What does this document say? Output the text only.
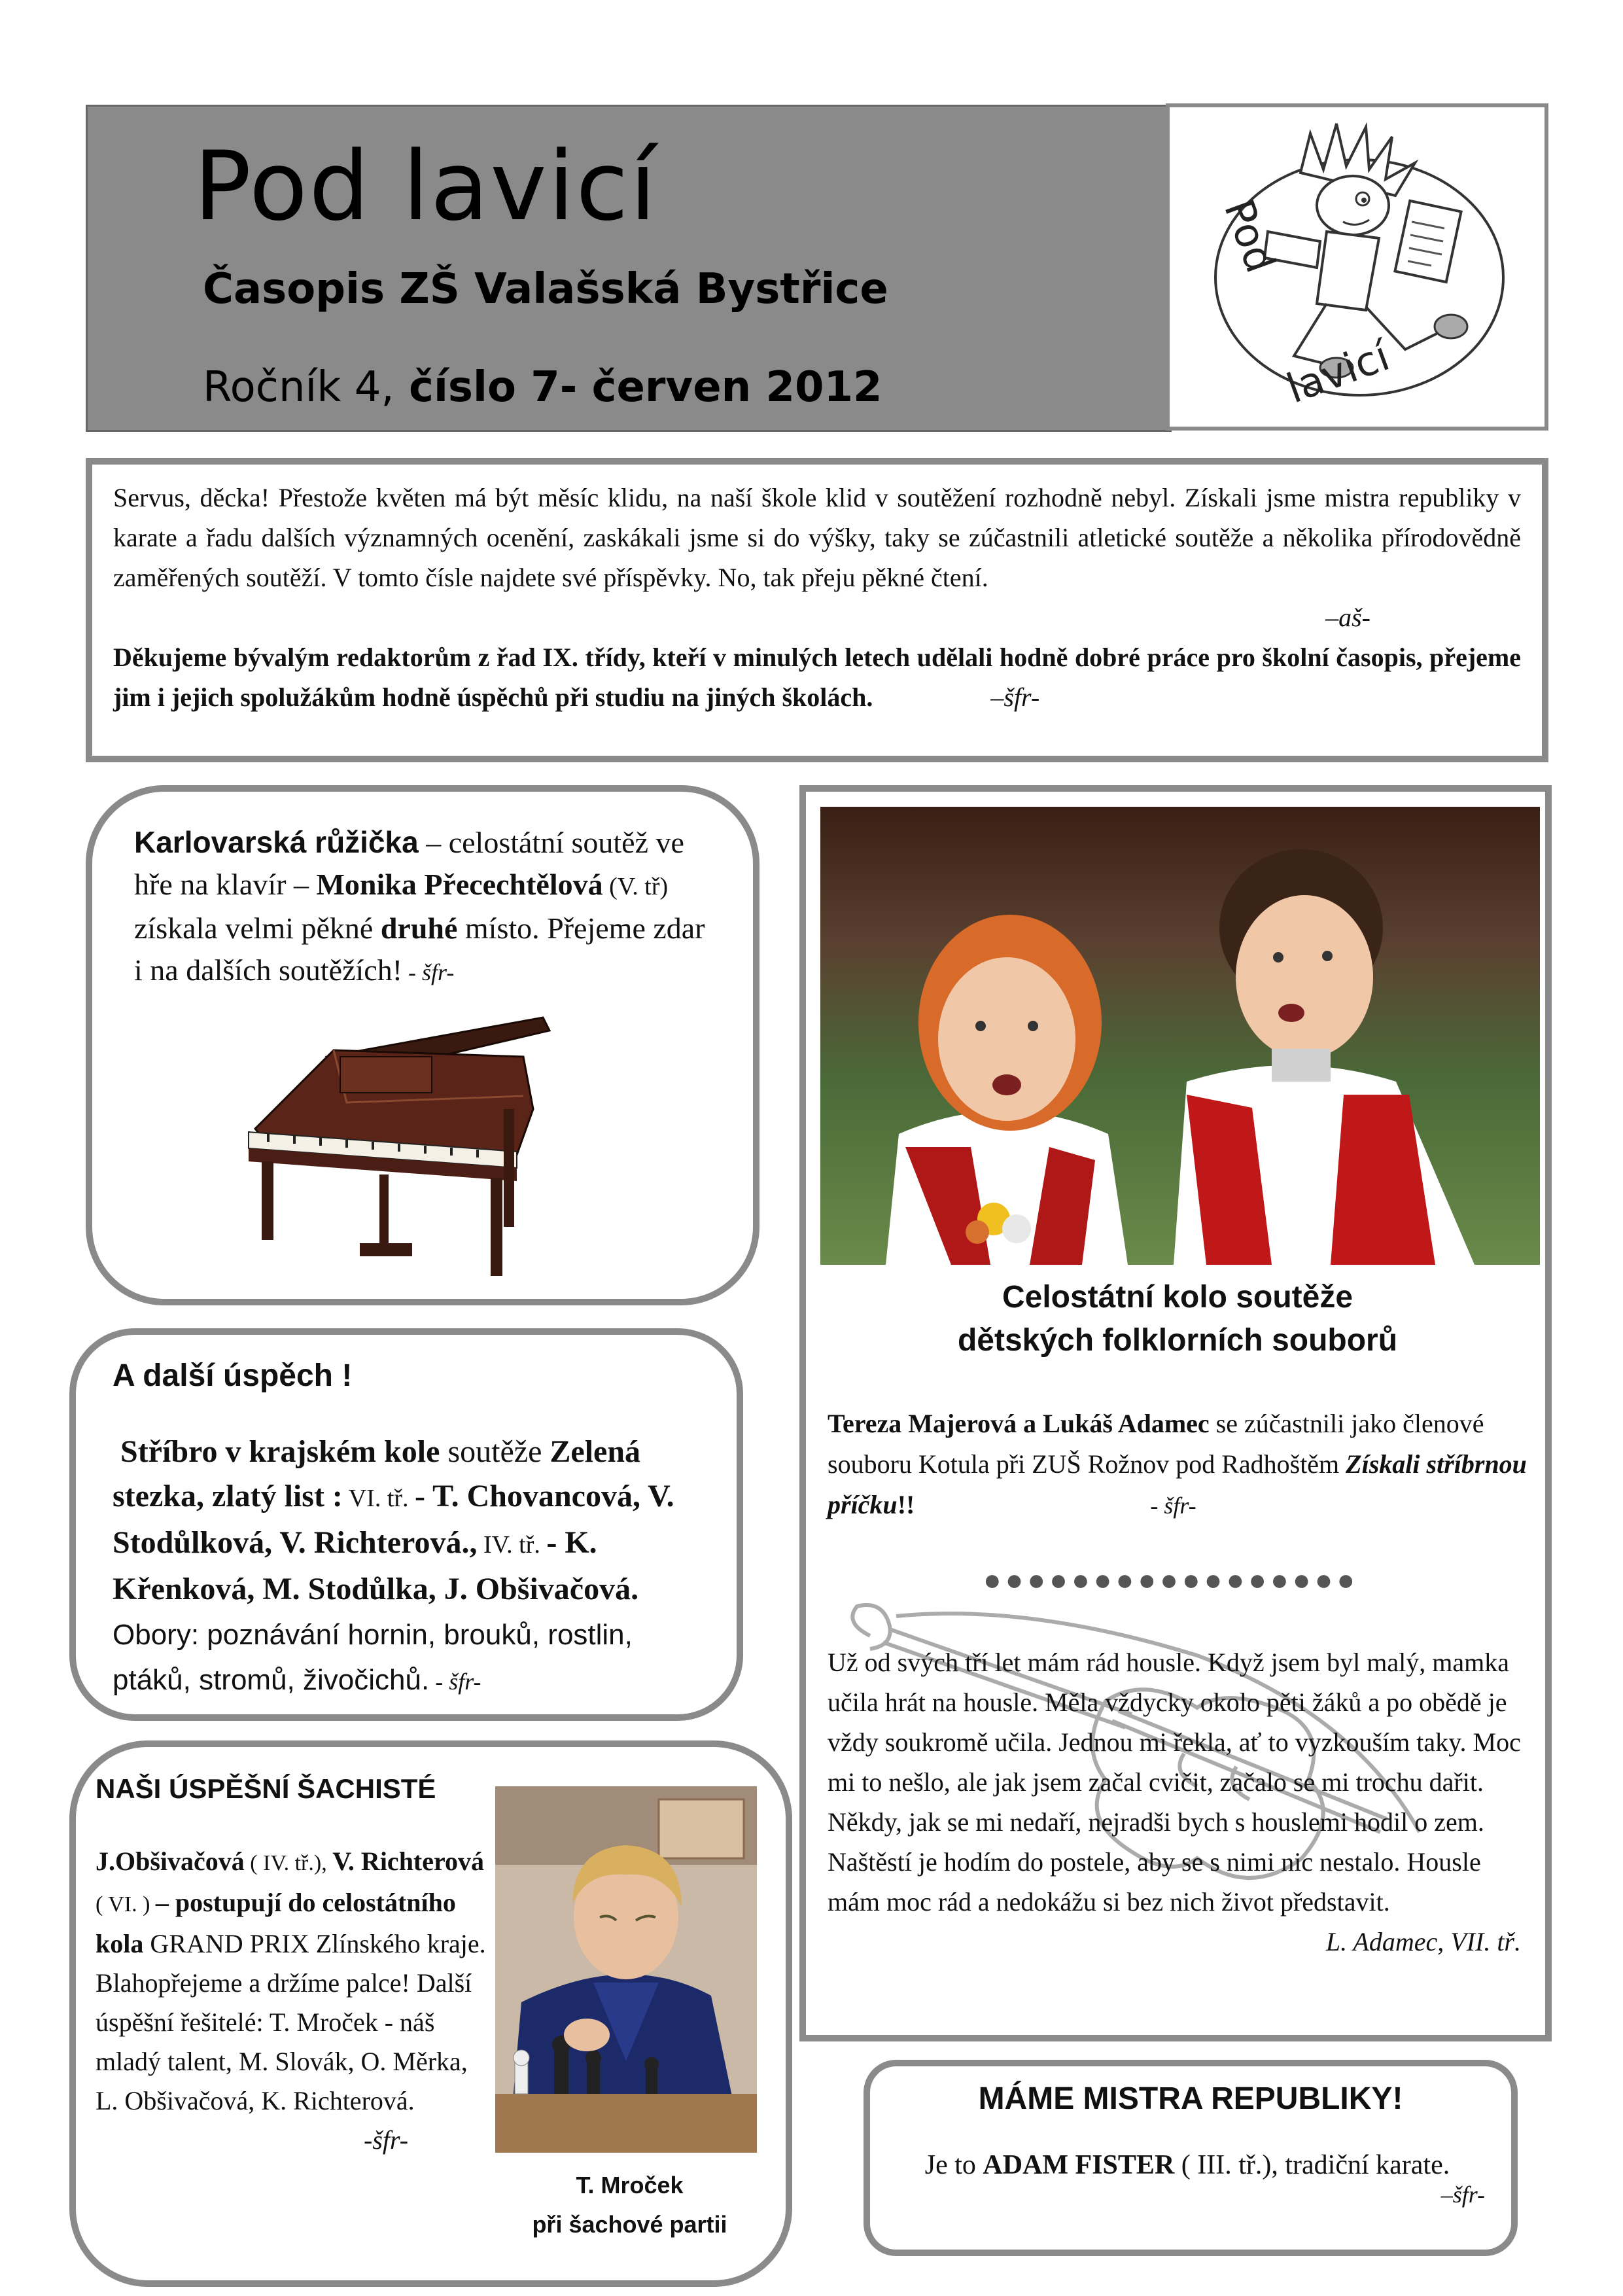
Pod lavicí
Časopis ZŠ Valašská Bystřice
Ročník 4, číslo 7- červen 2012
Pod
lavicí
Servus, děcka! Přestože květen má být měsíc klidu, na naší škole klid v soutěžení rozhodně nebyl. Získali jsme mistra republiky v karate a řadu dalších významných ocenění, zaskákali jsme si do výšky, taky se zúčastnili atletické soutěže a několika přírodovědně zaměřených soutěží. V tomto čísle najdete své příspěvky. No, tak přeju pěkné čtení.
–aš-
Děkujeme bývalým redaktorům z řad IX. třídy, kteří v minulých letech udělali hodně dobré práce pro školní časopis, přejeme jim i jejich spolužákům hodně úspěchů při studiu na jiných školách.	–šfr-
Karlovarská růžička – celostátní soutěž ve hře na klavír – Monika Přecechtělová (V. tř) získala velmi pěkné druhé místo. Přejeme zdar i na dalších soutěžích! - šfr-
A další úspěch !
Stříbro v krajském kole soutěže Zelená stezka, zlatý list : VI. tř. - T. Chovancová, V. Stodůlková, V. Richterová., IV. tř. - K. Křenková, M. Stodůlka, J. Obšivačová. Obory: poznávání hornin, brouků, rostlin, ptáků, stromů, živočichů. - šfr-
NAŠI ÚSPĚŠNÍ ŠACHISTÉ
J.Obšivačová ( IV. tř.), V. Richterová ( VI. ) – postupují do celostátního kola GRAND PRIX Zlínského kraje. Blahopřejeme a držíme palce! Další úspěšní řešitelé: T. Mroček - náš mladý talent, M. Slovák, O. Měrka, L. Obšivačová, K. Richterová.
-šfr-
T. Mroček
při šachové partii
Celostátní kolo soutěže
dětských folklorních souborů
Tereza Majerová a Lukáš Adamec se zúčastnili jako členové souboru Kotula při ZUŠ Rožnov pod Radhoštěm Získali stříbrnou příčku!!	- šfr-
●●●●●●●●●●●●●●●●●
Už od svých tří let mám rád housle. Když jsem byl malý, mamka učila hrát na housle. Měla vždycky okolo pěti žáků a po obědě je vždy soukromě učila. Jednou mi řekla, ať to vyzkouším taky. Moc mi to nešlo, ale jak jsem začal cvičit, začalo se mi trochu dařit. Někdy, jak se mi nedaří, nejradši bych s houslemi hodil o zem. Naštěstí je hodím do postele, aby se s nimi nic nestalo. Housle mám moc rád a nedokážu si bez nich život představit.
L. Adamec, VII. tř.
MÁME MISTRA REPUBLIKY!
Je to ADAM FISTER ( III. tř.), tradiční karate.
–šfr-
